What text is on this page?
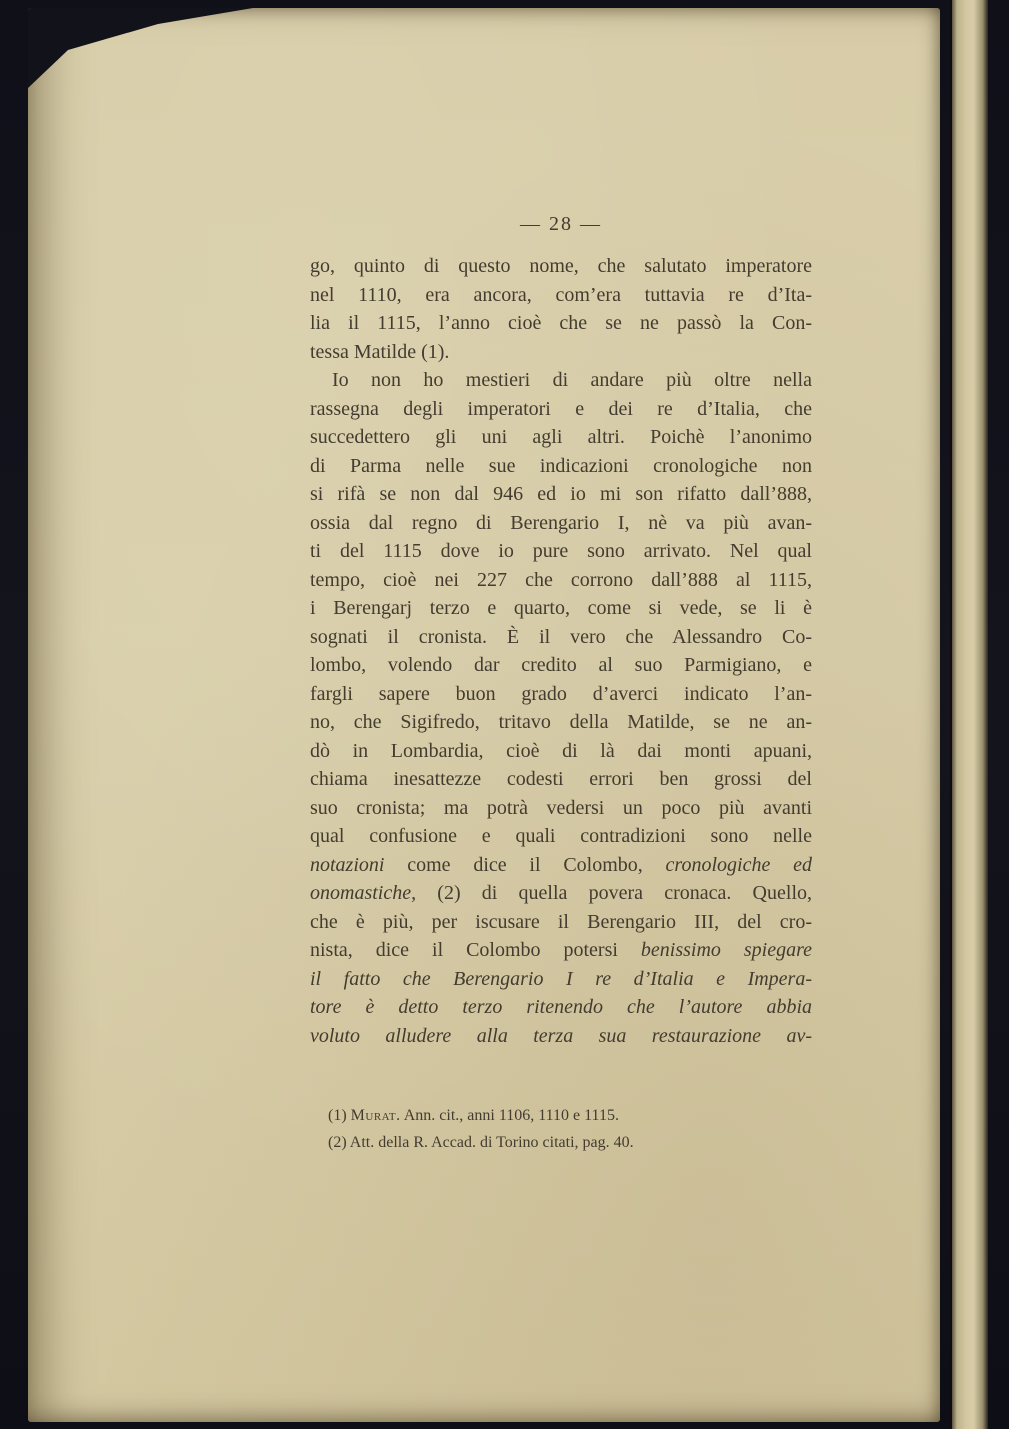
— 28 —
go, quinto di questo nome, che salutato imperatore
nel 1110, era ancora, com’era tuttavia re d’Ita-
lia il 1115, l’anno cioè che se ne passò la Con-
tessa Matilde (1).
Io non ho mestieri di andare più oltre nella
rassegna degli imperatori e dei re d’Italia, che
succedettero gli uni agli altri. Poichè l’anonimo
di Parma nelle sue indicazioni cronologiche non
si rifà se non dal 946 ed io mi son rifatto dall’888,
ossia dal regno di Berengario I, nè va più avan-
ti del 1115 dove io pure sono arrivato. Nel qual
tempo, cioè nei 227 che corrono dall’888 al 1115,
i Berengarj terzo e quarto, come si vede, se li è
sognati il cronista. È il vero che Alessandro Co-
lombo, volendo dar credito al suo Parmigiano, e
fargli sapere buon grado d’averci indicato l’an-
no, che Sigifredo, tritavo della Matilde, se ne an-
dò in Lombardia, cioè di là dai monti apuani,
chiama inesattezze codesti errori ben grossi del
suo cronista; ma potrà vedersi un poco più avanti
qual confusione e quali contradizioni sono nelle
notazioni come dice il Colombo, cronologiche ed
onomastiche, (2) di quella povera cronaca. Quello,
che è più, per iscusare il Berengario III, del cro-
nista, dice il Colombo potersi benissimo spiegare
il fatto che Berengario I re d’Italia e Impera-
tore è detto terzo ritenendo che l’autore abbia
voluto alludere alla terza sua restaurazione av-
(1) Murat. Ann. cit., anni 1106, 1110 e 1115.
(2) Att. della R. Accad. di Torino citati, pag. 40.
